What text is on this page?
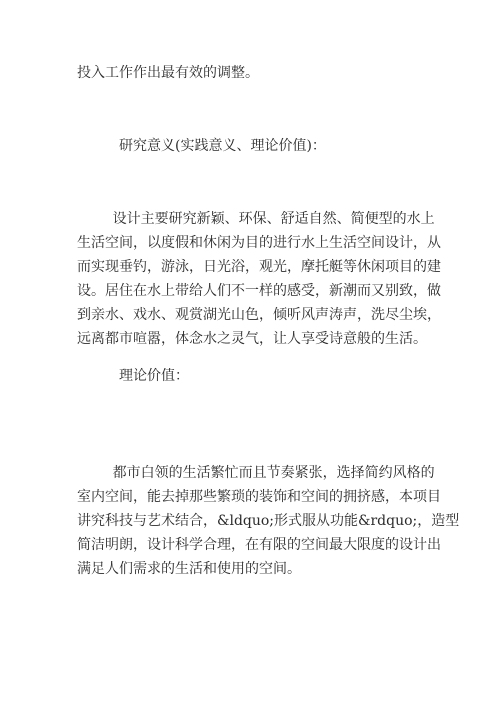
投入工作作出最有效的调整。
研究意义(实践意义、理论价值)：
设计主要研究新颖、环保、舒适自然、简便型的水上
生活空间，以度假和休闲为目的进行水上生活空间设计，从
而实现垂钓，游泳，日光浴，观光，摩托艇等休闲项目的建
设。居住在水上带给人们不一样的感受，新潮而又别致，做
到亲水、戏水、观赏湖光山色，倾听风声涛声，洗尽尘埃，
远离都市喧嚣，体念水之灵气，让人享受诗意般的生活。
理论价值：
都市白领的生活繁忙而且节奏紧张，选择简约风格的
室内空间，能去掉那些繁琐的装饰和空间的拥挤感，本项目
讲究科技与艺术结合，&ldquo;形式服从功能&rdquo;，造型
简洁明朗，设计科学合理，在有限的空间最大限度的设计出
满足人们需求的生活和使用的空间。
